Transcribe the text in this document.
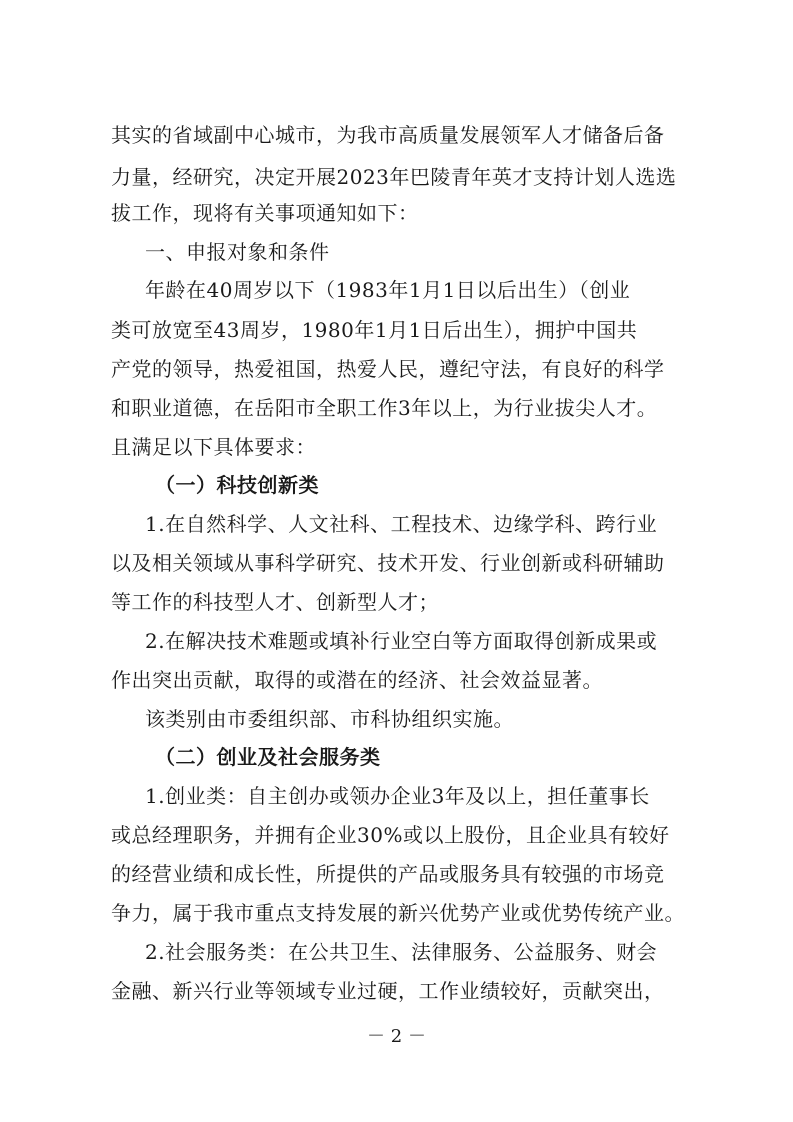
其实的省域副中心城市，为我市高质量发展领军人才储备后备
力量，经研究，决定开展2023年巴陵青年英才支持计划人选选
拔工作，现将有关事项通知如下：
一、申报对象和条件
年龄在40周岁以下（1983年1月1日以后出生）（创业
类可放宽至43周岁，1980年1月1日后出生），拥护中国共
产党的领导，热爱祖国，热爱人民，遵纪守法，有良好的科学
和职业道德，在岳阳市全职工作3年以上，为行业拔尖人才。
且满足以下具体要求：
（一）科技创新类
1.在自然科学、人文社科、工程技术、边缘学科、跨行业
以及相关领域从事科学研究、技术开发、行业创新或科研辅助
等工作的科技型人才、创新型人才；
2.在解决技术难题或填补行业空白等方面取得创新成果或
作出突出贡献，取得的或潜在的经济、社会效益显著。
该类别由市委组织部、市科协组织实施。
（二）创业及社会服务类
1.创业类：自主创办或领办企业3年及以上，担任董事长
或总经理职务，并拥有企业30%或以上股份，且企业具有较好
的经营业绩和成长性，所提供的产品或服务具有较强的市场竞
争力，属于我市重点支持发展的新兴优势产业或优势传统产业。
2.社会服务类：在公共卫生、法律服务、公益服务、财会
金融、新兴行业等领域专业过硬，工作业绩较好，贡献突出，
－ 2 －
